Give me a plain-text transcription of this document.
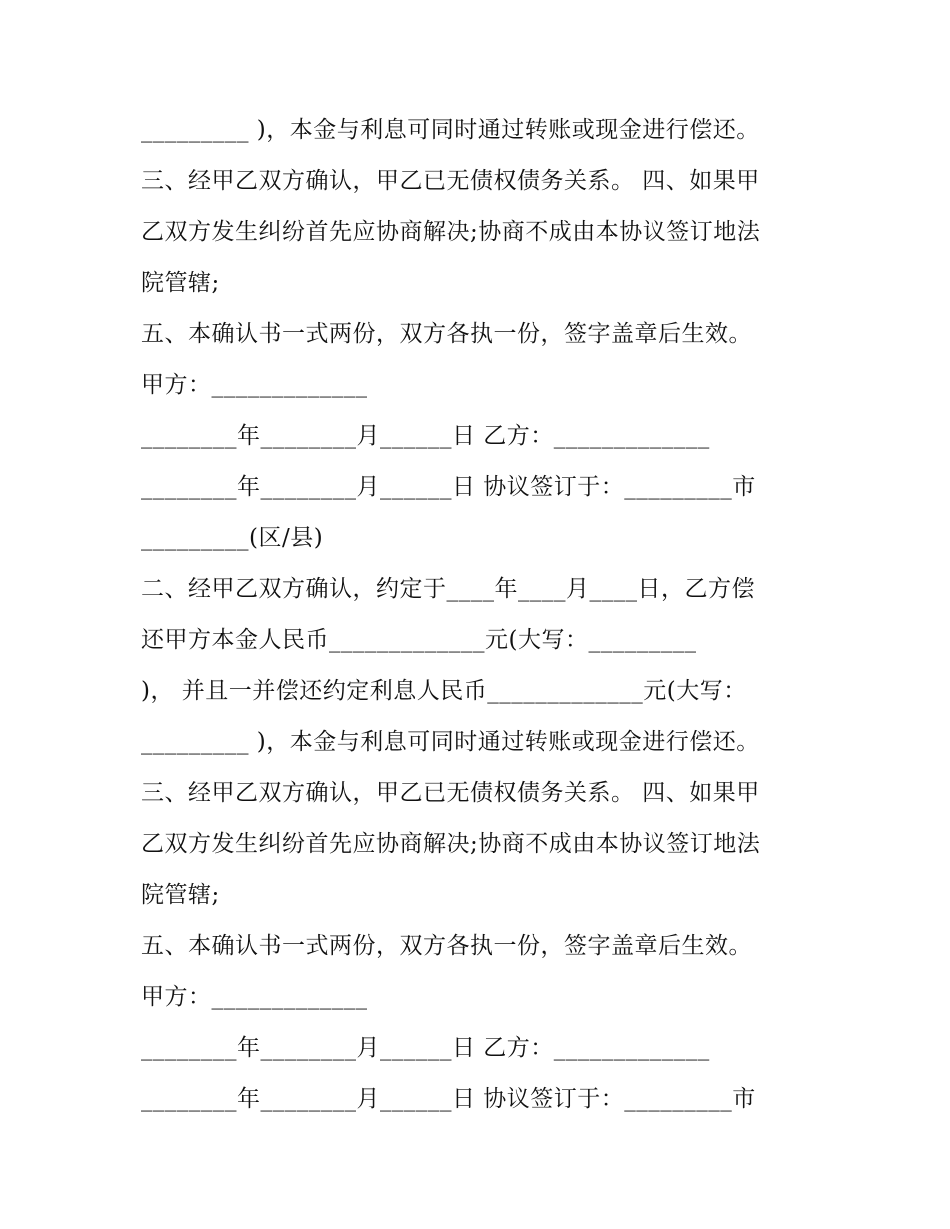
_________ )，本金与利息可同时通过转账或现金进行偿还。
三、经甲乙双方确认，甲乙已无债权债务关系。 四、如果甲
乙双方发生纠纷首先应协商解决;协商不成由本协议签订地法
院管辖;
五、本确认书一式两份，双方各执一份，签字盖章后生效。
甲方：_____________
________年________月______日 乙方：_____________
________年________月______日 协议签订于：_________市
_________(区/县)
二、经甲乙双方确认，约定于____年____月____日，乙方偿
还甲方本金人民币_____________元(大写：_________
)， 并且一并偿还约定利息人民币_____________元(大写：
_________ )，本金与利息可同时通过转账或现金进行偿还。
三、经甲乙双方确认，甲乙已无债权债务关系。 四、如果甲
乙双方发生纠纷首先应协商解决;协商不成由本协议签订地法
院管辖;
五、本确认书一式两份，双方各执一份，签字盖章后生效。
甲方：_____________
________年________月______日 乙方：_____________
________年________月______日 协议签订于：_________市
